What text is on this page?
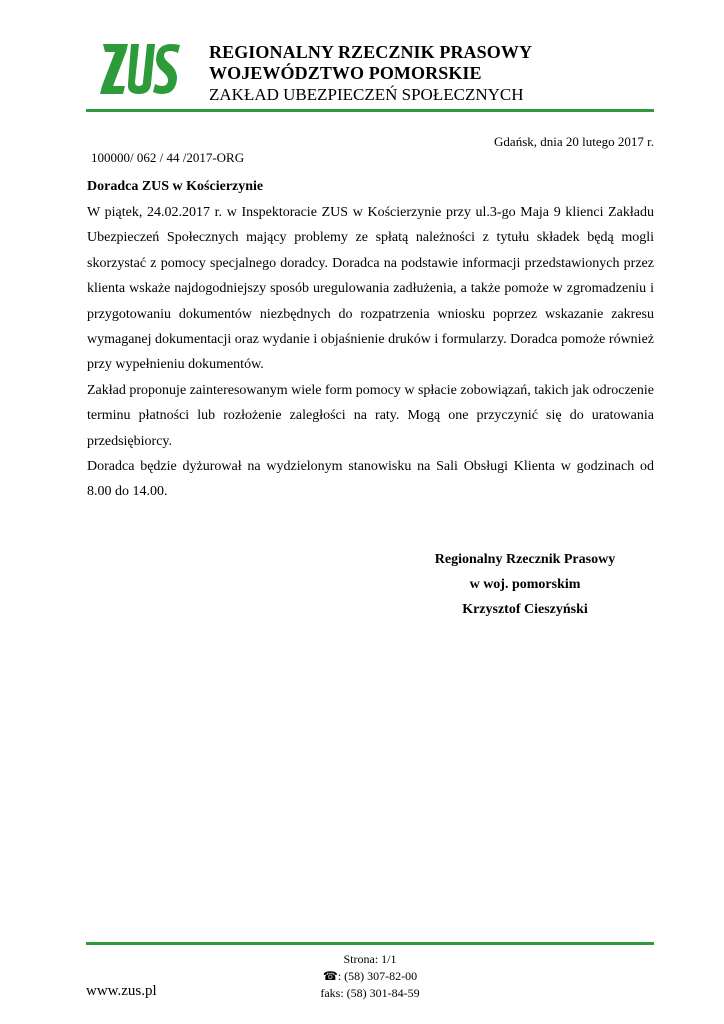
REGIONALNY RZECZNIK PRASOWY
WOJEWÓDZTWO POMORSKIE
ZAKŁAD UBEZPIECZEŃ SPOŁECZNYCH
Gdańsk, dnia 20 lutego 2017 r.
100000/ 062 / 44 /2017-ORG
Doradca ZUS w Kościerzynie

W piątek, 24.02.2017 r. w Inspektoracie ZUS w Kościerzynie przy ul.3-go Maja 9 klienci Zakładu Ubezpieczeń Społecznych mający problemy ze spłatą należności z tytułu składek będą mogli skorzystać z pomocy specjalnego doradcy. Doradca na podstawie informacji przedstawionych przez klienta wskaże najdogodniejszy sposób uregulowania zadłużenia, a także pomoże w zgromadzeniu i przygotowaniu dokumentów niezbędnych do rozpatrzenia wniosku poprzez wskazanie zakresu wymaganej dokumentacji oraz wydanie i objaśnienie druków i formularzy. Doradca pomoże również przy wypełnieniu dokumentów.

Zakład proponuje zainteresowanym wiele form pomocy w spłacie zobowiązań, takich jak odroczenie terminu płatności lub rozłożenie zaległości na raty. Mogą one przyczynić się do uratowania przedsiębiorcy.

Doradca będzie dyżurował na wydzielonym stanowisku na Sali Obsługi Klienta w godzinach od 8.00 do 14.00.

Regionalny Rzecznik Prasowy
w woj. pomorskim
Krzysztof Cieszyński
Strona: 1/1
☎: (58) 307-82-00
faks: (58) 301-84-59
www.zus.pl
